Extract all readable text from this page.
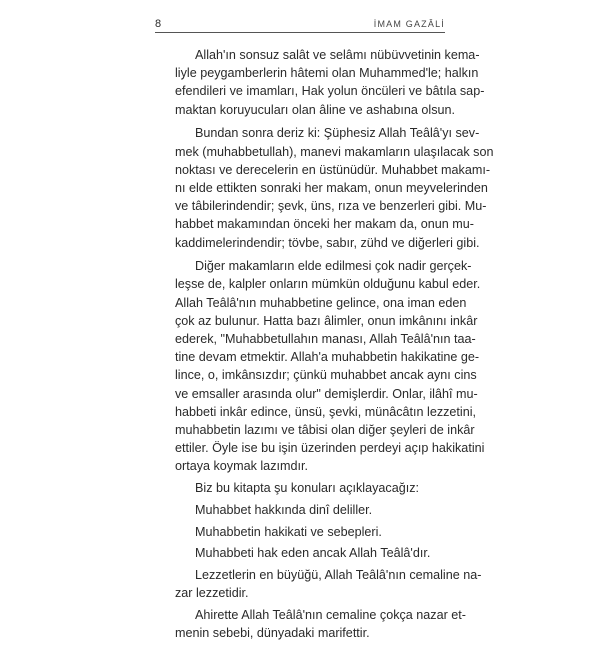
8	İMAM GAZÂLİ

Allah'ın sonsuz salât ve selâmı nübüvvetinin kema-
liyle peygamberlerin hâtemi olan Muhammed'le; halkın
efendileri ve imamları, Hak yolun öncüleri ve bâtıla sap-
maktan koruyucuları olan âline ve ashabına olsun.

Bundan sonra deriz ki: Şüphesiz Allah Teâlâ'yı sev-
mek (muhabbetullah), manevi makamların ulaşılacak son
noktası ve derecelerin en üstünüdür. Muhabbet makamı-
nı elde ettikten sonraki her makam, onun meyvelerinden
ve tâbilerindendir; şevk, üns, rıza ve benzerleri gibi. Mu-
habbet makamından önceki her makam da, onun mu-
kaddimelerindendir; tövbe, sabır, zühd ve diğerleri gibi.

Diğer makamların elde edilmesi çok nadir gerçek-
leşse de, kalpler onların mümkün olduğunu kabul eder.
Allah Teâlâ'nın muhabbetine gelince, ona iman eden
çok az bulunur. Hatta bazı âlimler, onun imkânını inkâr
ederek, "Muhabbetullahın manası, Allah Teâlâ'nın taa-
tine devam etmektir. Allah'a muhabbetin hakikatine ge-
lince, o, imkânsızdır; çünkü muhabbet ancak aynı cins
ve emsaller arasında olur" demişlerdir. Onlar, ilâhî mu-
habbeti inkâr edince, ünsü, şevki, münâcâtın lezzetini,
muhabbetin lazımı ve tâbisi olan diğer şeyleri de inkâr
ettiler. Öyle ise bu işin üzerinden perdeyi açıp hakikatini
ortaya koymak lazımdır.

Biz bu kitapta şu konuları açıklayacağız:

Muhabbet hakkında dinî deliller.

Muhabbetin hakikati ve sebepleri.

Muhabbeti hak eden ancak Allah Teâlâ'dır.

Lezzetlerin en büyüğü, Allah Teâlâ'nın cemaline na-
zar lezzetidir.

Ahirette Allah Teâlâ'nın cemaline çokça nazar et-
menin sebebi, dünyadaki marifettir.
